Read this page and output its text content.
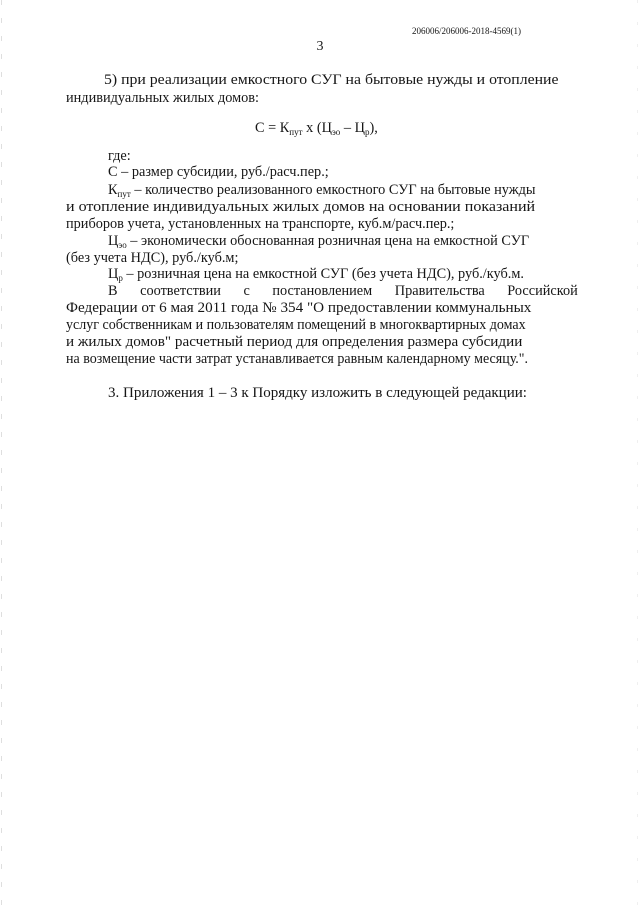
206006/206006-2018-4569(1)
3
5) при реализации емкостного СУГ на бытовые нужды и отопление
индивидуальных жилых домов:
$С = К_{пут}$ х $(Ц_{эо} - Ц_р)$,
где:
С – размер субсидии, руб./расч.пер.;
$К_{пут}$ – количество реализованного емкостного СУГ на бытовые нужды
и отопление индивидуальных жилых домов на основании показаний
приборов учета, установленных на транспорте, куб.м/расч.пер.;
$Ц_{эо}$ – экономически обоснованная розничная цена на емкостной СУГ
(без учета НДС), руб./куб.м;
$Ц_р$ – розничная цена на емкостной СУГ (без учета НДС), руб./куб.м.
В соответствии с постановлением Правительства Российской
Федерации от 6 мая 2011 года № 354 "О предоставлении коммунальных
услуг собственникам и пользователям помещений в многоквартирных домах
и жилых домов" расчетный период для определения размера субсидии
на возмещение части затрат устанавливается равным календарному месяцу.".
3. Приложения 1 – 3 к Порядку изложить в следующей редакции:
